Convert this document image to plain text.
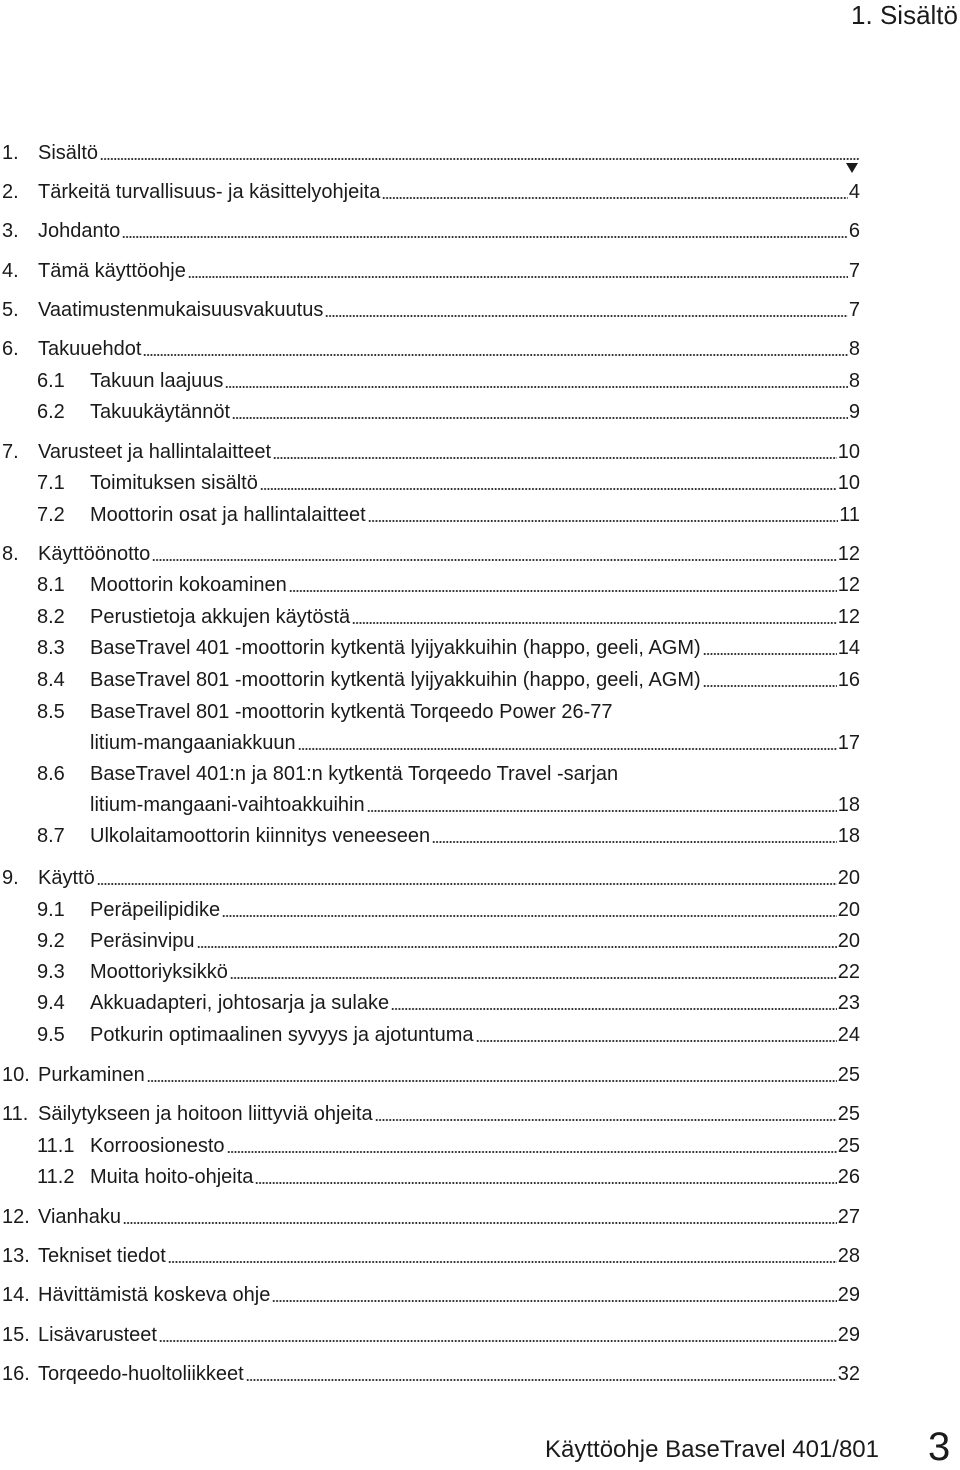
1. Sisältö
1. Sisältö
2. Tärkeitä turvallisuus- ja käsittelyohjeita	4
3. Johdanto	6
4. Tämä käyttöohje	7
5. Vaatimustenmukaisuusvakuutus	7
6. Takuuehdot	8
6.1	Takuun laajuus	8
6.2	Takuukäytännöt	9
7. Varusteet ja hallintalaitteet	10
7.1	Toimituksen sisältö	10
7.2	Moottorin osat ja hallintalaitteet	11
8. Käyttöönotto	12
8.1	Moottorin kokoaminen	12
8.2	Perustietoja akkujen käytöstä	12
8.3	BaseTravel 401 -moottorin kytkentä lyijyakkuihin (happo, geeli, AGM)	14
8.4	BaseTravel 801 -moottorin kytkentä lyijyakkuihin (happo, geeli, AGM)	16
8.5	BaseTravel 801 -moottorin kytkentä Torqeedo Power 26-77
litium-mangaaniakkuun	17
8.6	BaseTravel 401:n ja 801:n kytkentä Torqeedo Travel -sarjan
litium-mangaani-vaihtoakkuihin	18
8.7	Ulkolaitamoottorin kiinnitys veneeseen	18
9. Käyttö	20
9.1	Peräpeilipidike	20
9.2	Peräsinvipu	20
9.3	Moottoriyksikkö	22
9.4	Akkuadapteri, johtosarja ja sulake	23
9.5	Potkurin optimaalinen syvyys ja ajotuntuma	24
10. Purkaminen	25
11. Säilytykseen ja hoitoon liittyviä ohjeita	25
11.1 Korroosionesto	25
11.2 Muita hoito-ohjeita	26
12. Vianhaku	27
13. Tekniset tiedot	28
14. Hävittämistä koskeva ohje	29
15. Lisävarusteet	29
16. Torqeedo-huoltoliikkeet	32
Käyttöohje BaseTravel 401/801 3
